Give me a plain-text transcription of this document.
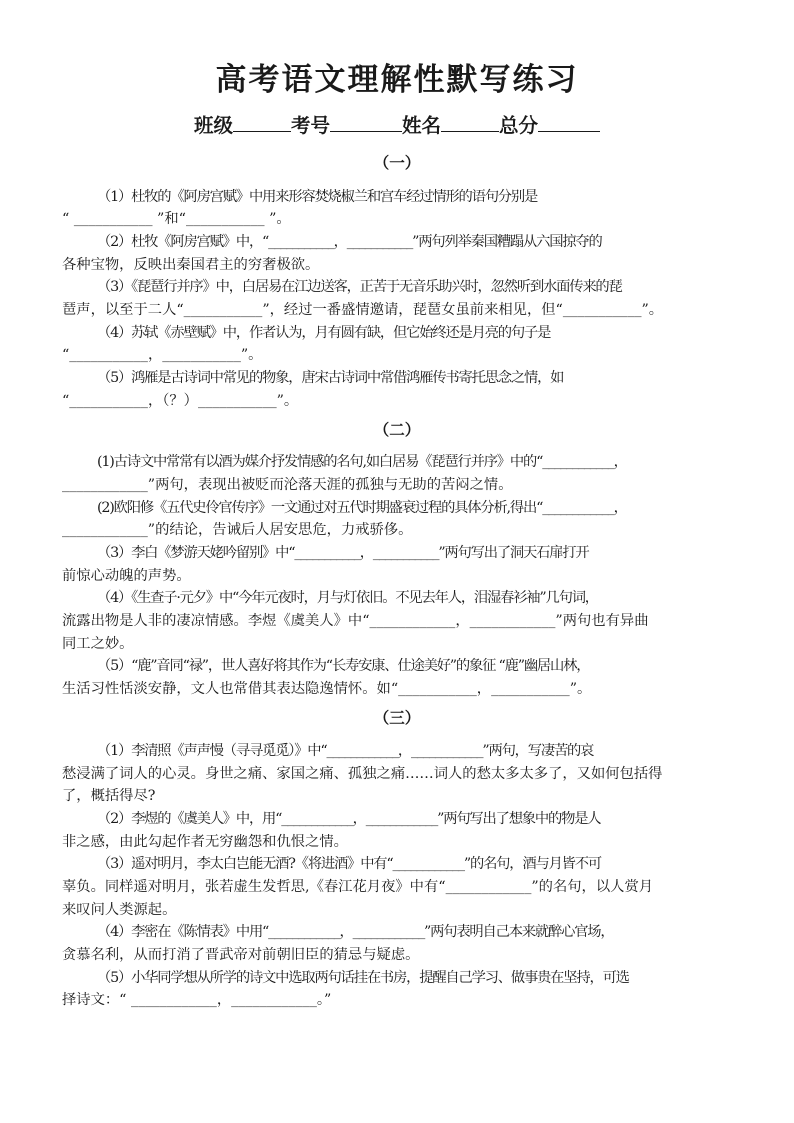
高考语文理解性默写练习
班级	考号	姓名	总分
（一）
（1）杜牧的《阿房宫赋》中用来形容焚烧椒兰和宫车经过情形的语句分别是
“ ___________ ”和“___________ ”。
（2）杜牧《阿房宫赋》中，“___________，___________”两句列举秦国糟蹋从六国掠夺的
各种宝物，反映出秦国君主的穷奢极欲。
（3）《琵琶行并序》中，白居易在江边送客，正苦于无音乐助兴时，忽然听到水面传来的琵
琶声，以至于二人“___________”，经过一番盛情邀请，琵琶女虽前来相见，但“___________”。
（4）苏轼《赤壁赋》中，作者认为，月有圆有缺，但它始终还是月亮的句子是
“___________，___________”。
（5）鸿雁是古诗词中常见的物象，唐宋古诗词中常借鸿雁传书寄托思念之情，如
“___________，（？）___________”。
（二）
(1)古诗文中常常有以酒为媒介抒发情感的名句,如白居易《琵琶行并序》中的“____________，
____________”两句，表现出被贬而沦落天涯的孤独与无助的苦闷之情。
(2)欧阳修《五代史伶官传序》一文通过对五代时期盛衰过程的具体分析,得出“____________，
____________”的结论，告诫后人居安思危，力戒骄侈。
（3）李白《梦游天姥吟留别》中“___________，___________”两句写出了洞天石扉打开
前惊心动魄的声势。
（4）《生查子·元夕》中“今年元夜时，月与灯依旧。不见去年人，泪湿春衫袖”几句词，
流露出物是人非的凄凉情感。李煜《虞美人》中“____________，____________”两句也有异曲
同工之妙。
（5）“鹿”音同“禄”，世人喜好将其作为“长寿安康、仕途美好”的象征 “鹿”幽居山林，
生活习性恬淡安静，文人也常借其表达隐逸情怀。如“___________，___________”。
（三）
（1）李清照《声声慢（寻寻觅觅）》中“____________，____________”两句，写凄苦的哀
愁浸满了词人的心灵。身世之痛、家国之痛、孤独之痛……词人的愁太多太多了，又如何包括得
了，概括得尽?
（2）李煜的《虞美人》中，用“____________，____________”两句写出了想象中的物是人
非之感，由此勾起作者无穷幽怨和仇恨之情。
（3）遥对明月，李太白岂能无酒?《将进酒》中有“____________”的名句，酒与月皆不可
辜负。同样遥对明月，张若虚生发哲思,《春江花月夜》中有“____________”的名句，以人赏月
来叹问人类源起。
（4）李密在《陈情表》中用“____________，____________”两句表明自己本来就醉心官场，
贪慕名利，从而打消了晋武帝对前朝旧臣的猜忌与疑虑。
（5）小华同学想从所学的诗文中选取两句话挂在书房，提醒自己学习、做事贵在坚持，可选
择诗文：“ ____________，____________。”
